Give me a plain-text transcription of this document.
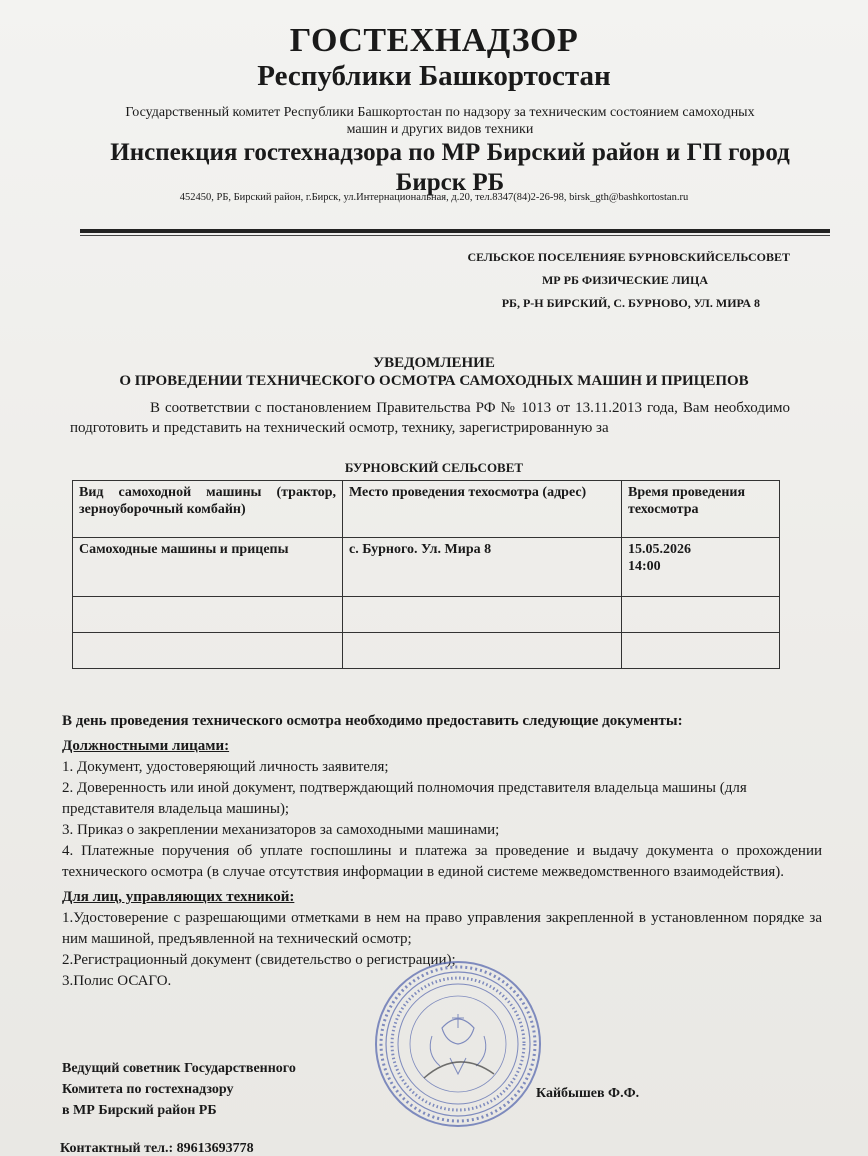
ГОСТЕХНАДЗОР
Республики Башкортостан
Государственный комитет Республики Башкортостан по надзору за техническим состоянием самоходных машин и других видов техники
Инспекция гостехнадзора по МР Бирский район и ГП город
Бирск РБ
452450, РБ, Бирский район, г.Бирск, ул.Интернациональная, д.20, тел.8347(84)2-26-98, birsk_gth@bashkortostan.ru
СЕЛЬСКОЕ ПОСЕЛЕНИЯЕ БУРНОВСКИЙСЕЛЬСОВЕТ
МР РБ ФИЗИЧЕСКИЕ ЛИЦА
РБ, Р-Н БИРСКИЙ, С. БУРНОВО, УЛ. МИРА 8
УВЕДОМЛЕНИЕ
О ПРОВЕДЕНИИ ТЕХНИЧЕСКОГО ОСМОТРА САМОХОДНЫХ МАШИН И ПРИЦЕПОВ
В соответствии с постановлением Правительства РФ № 1013 от 13.11.2013 года, Вам необходимо подготовить и представить на технический осмотр, технику, зарегистрированную за
БУРНОВСКИЙ СЕЛЬСОВЕТ
Вид самоходной машины (трактор, зерноуборочный комбайн)	Место проведения техосмотра (адрес)	Время проведения техосмотра
Самоходные машины и прицепы	с. Бурного. Ул. Мира 8	15.05.2026
14:00

В день проведения технического осмотра необходимо предоставить следующие документы:
Должностными лицами:
1. Документ, удостоверяющий личность заявителя;
2. Доверенность или иной документ, подтверждающий полномочия представителя владельца машины (для представителя владельца машины);
3. Приказ о закреплении механизаторов за самоходными машинами;
4. Платежные поручения об уплате госпошлины и платежа за проведение и выдачу документа о прохождении технического осмотра (в случае отсутствия информации в единой системе межведомственного взаимодействия).
Для лиц, управляющих техникой:
1.Удостоверение с разрешающими отметками в нем на право управления закрепленной в установленном порядке за ним машиной, предъявленной на технический осмотр;
2.Регистрационный документ (свидетельство о регистрации);
3.Полис ОСАГО.
Ведущий советник Государственного
Комитета по гостехнадзору
в МР Бирский район РБ
Кайбышев Ф.Ф.
Контактный тел.: 89613693778
